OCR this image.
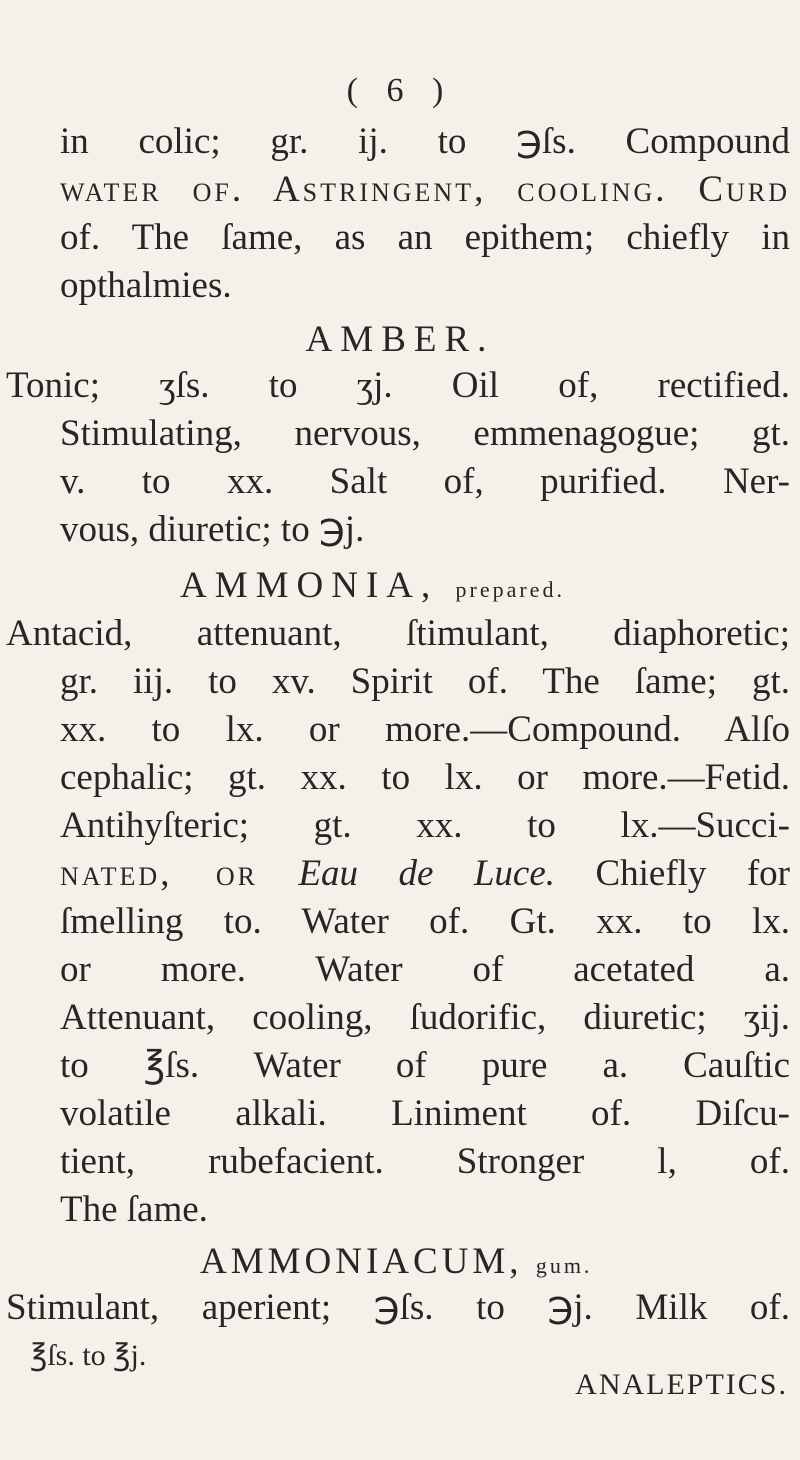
( 6 )
in colic; gr. ij. to ℈ſs. Compound
water of. Aſtringent, cooling. Curd
of. The ſame, as an epithem; chiefly in
opthalmies.
AMBER.
Tonic; ʒſs. to ʒj. Oil of, rectified.
Stimulating, nervous, emmenagogue; gt.
v. to xx. Salt of, purified. Ner-
vous, diuretic; to ℈j.
AMMONIA, prepared.
Antacid, attenuant, ſtimulant, diaphoretic;
gr. iij. to xv. Spirit of. The ſame; gt.
xx. to lx. or more.—Compound. Alſo
cephalic; gt. xx. to lx. or more.—Fetid.
Antihyſteric; gt. xx. to lx.—Succi-
nated, or Eau de Luce. Chiefly for
ſmelling to. Water of. Gt. xx. to lx.
or more. Water of acetated a.
Attenuant, cooling, ſudorific, diuretic; ʒij.
to ℥ſs. Water of pure a. Cauſtic
volatile alkali. Liniment of. Diſcu-
tient, rubefacient. Stronger l, of.
The ſame.
AMMONIACUM, gum.
Stimulant, aperient; ℈ſs. to ℈j. Milk of.
℥ſs. to ℥j.
ANALEPTICS.
